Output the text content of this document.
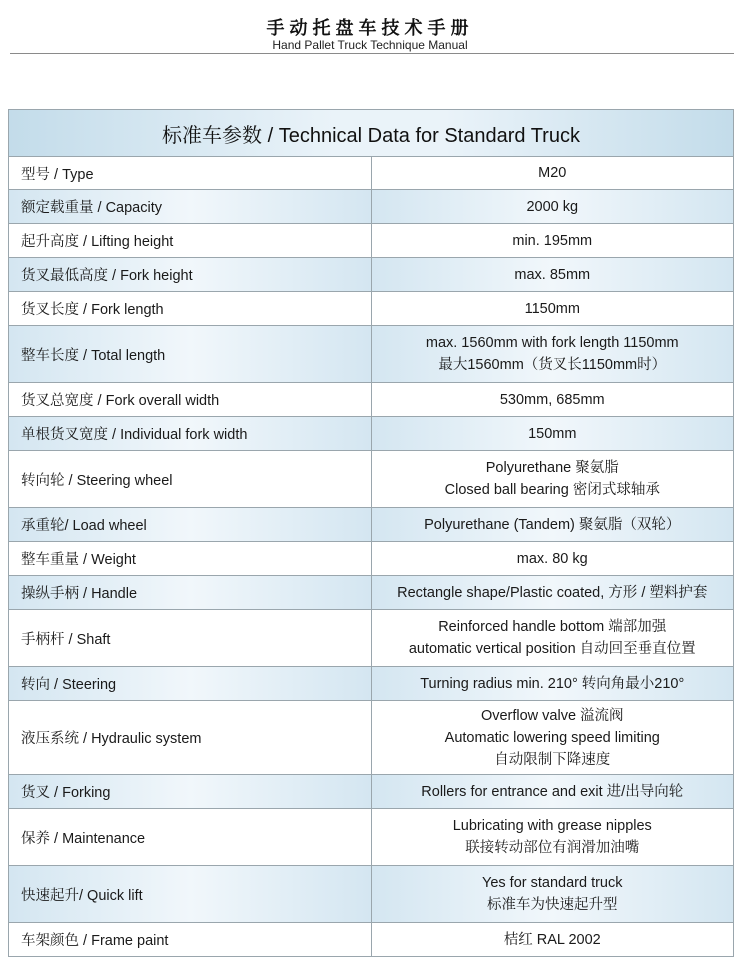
手动托盘车技术手册
Hand Pallet Truck Technique Manual
标准车参数 / Technical Data for Standard Truck	
型号 / Type	M20

额定载重量 / Capacity	2000 kg

起升高度 / Lifting height	min. 195mm

货叉最低高度 / Fork height	max. 85mm

货叉长度 / Fork length	1150mm

整车长度 / Total length	max. 1560mm with fork length 1150mm
最大1560mm（货叉长1150mm时）

货叉总宽度 / Fork overall width	530mm, 685mm

单根货叉宽度 / Individual fork width	150mm

转向轮 / Steering wheel	Polyurethane 聚氨脂
Closed ball bearing 密闭式球轴承

承重轮/ Load wheel	Polyurethane (Tandem) 聚氨脂（双轮）

整车重量 / Weight	max. 80 kg

操纵手柄 / Handle	Rectangle shape/Plastic coated, 方形 / 塑料护套

手柄杆 / Shaft	Reinforced handle bottom 端部加强
automatic vertical position 自动回至垂直位置

转向 / Steering	Turning radius min. 210° 转向角最小210°

液压系统 / Hydraulic system	Overflow valve 溢流阀
Automatic lowering speed limiting
自动限制下降速度

货叉 / Forking	Rollers for entrance and exit 进/出导向轮

保养 / Maintenance	Lubricating with grease nipples
联接转动部位有润滑加油嘴

快速起升/ Quick lift	Yes for standard truck
标准车为快速起升型

车架颜色 / Frame paint	桔红 RAL 2002
